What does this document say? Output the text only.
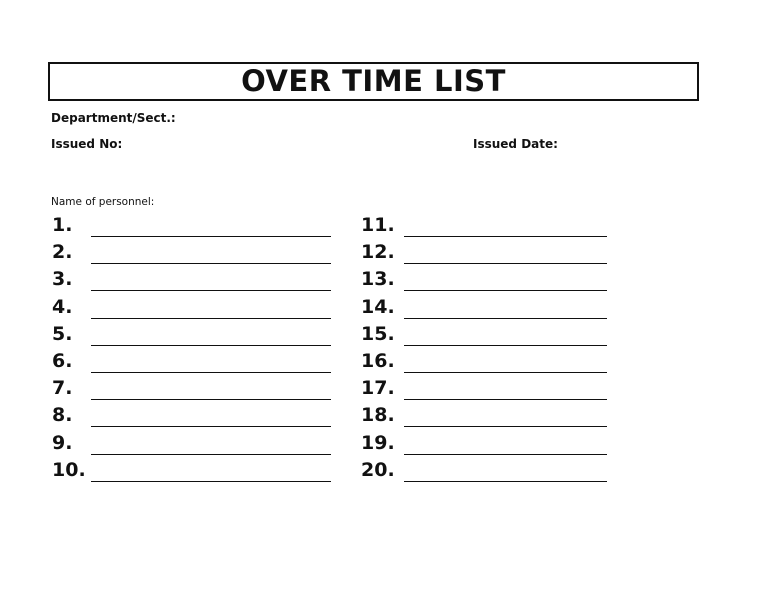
OVER TIME LIST
Department/Sect.:
Issued No:	Issued Date:
Name of personnel:
1.
2.
3.
4.
5.
6.
7.
8.
9.
10.
11.
12.
13.
14.
15.
16.
17.
18.
19.
20.
